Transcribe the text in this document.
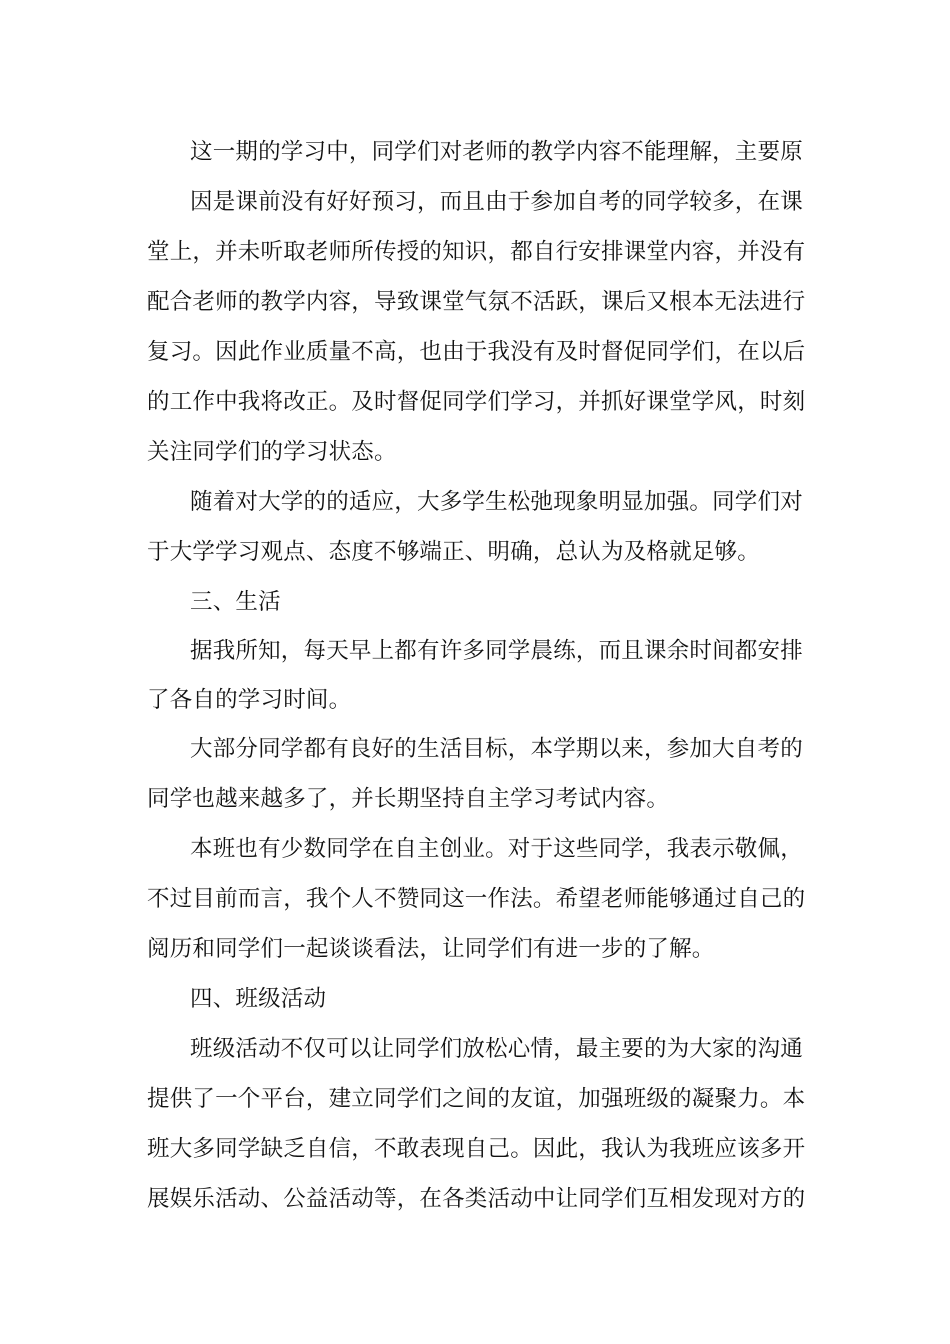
这一期的学习中，同学们对老师的教学内容不能理解，主要原
因是课前没有好好预习，而且由于参加自考的同学较多，在课
堂上，并未听取老师所传授的知识，都自行安排课堂内容，并没有
配合老师的教学内容，导致课堂气氛不活跃，课后又根本无法进行
复习。因此作业质量不高，也由于我没有及时督促同学们，在以后
的工作中我将改正。及时督促同学们学习，并抓好课堂学风，时刻
关注同学们的学习状态。
随着对大学的的适应，大多学生松弛现象明显加强。同学们对
于大学学习观点、态度不够端正、明确，总认为及格就足够。
三、生活
据我所知，每天早上都有许多同学晨练，而且课余时间都安排
了各自的学习时间。
大部分同学都有良好的生活目标，本学期以来，参加大自考的
同学也越来越多了，并长期坚持自主学习考试内容。
本班也有少数同学在自主创业。对于这些同学，我表示敬佩，
不过目前而言，我个人不赞同这一作法。希望老师能够通过自己的
阅历和同学们一起谈谈看法，让同学们有进一步的了解。
四、班级活动
班级活动不仅可以让同学们放松心情，最主要的为大家的沟通
提供了一个平台，建立同学们之间的友谊，加强班级的凝聚力。本
班大多同学缺乏自信，不敢表现自己。因此，我认为我班应该多开
展娱乐活动、公益活动等，在各类活动中让同学们互相发现对方的
